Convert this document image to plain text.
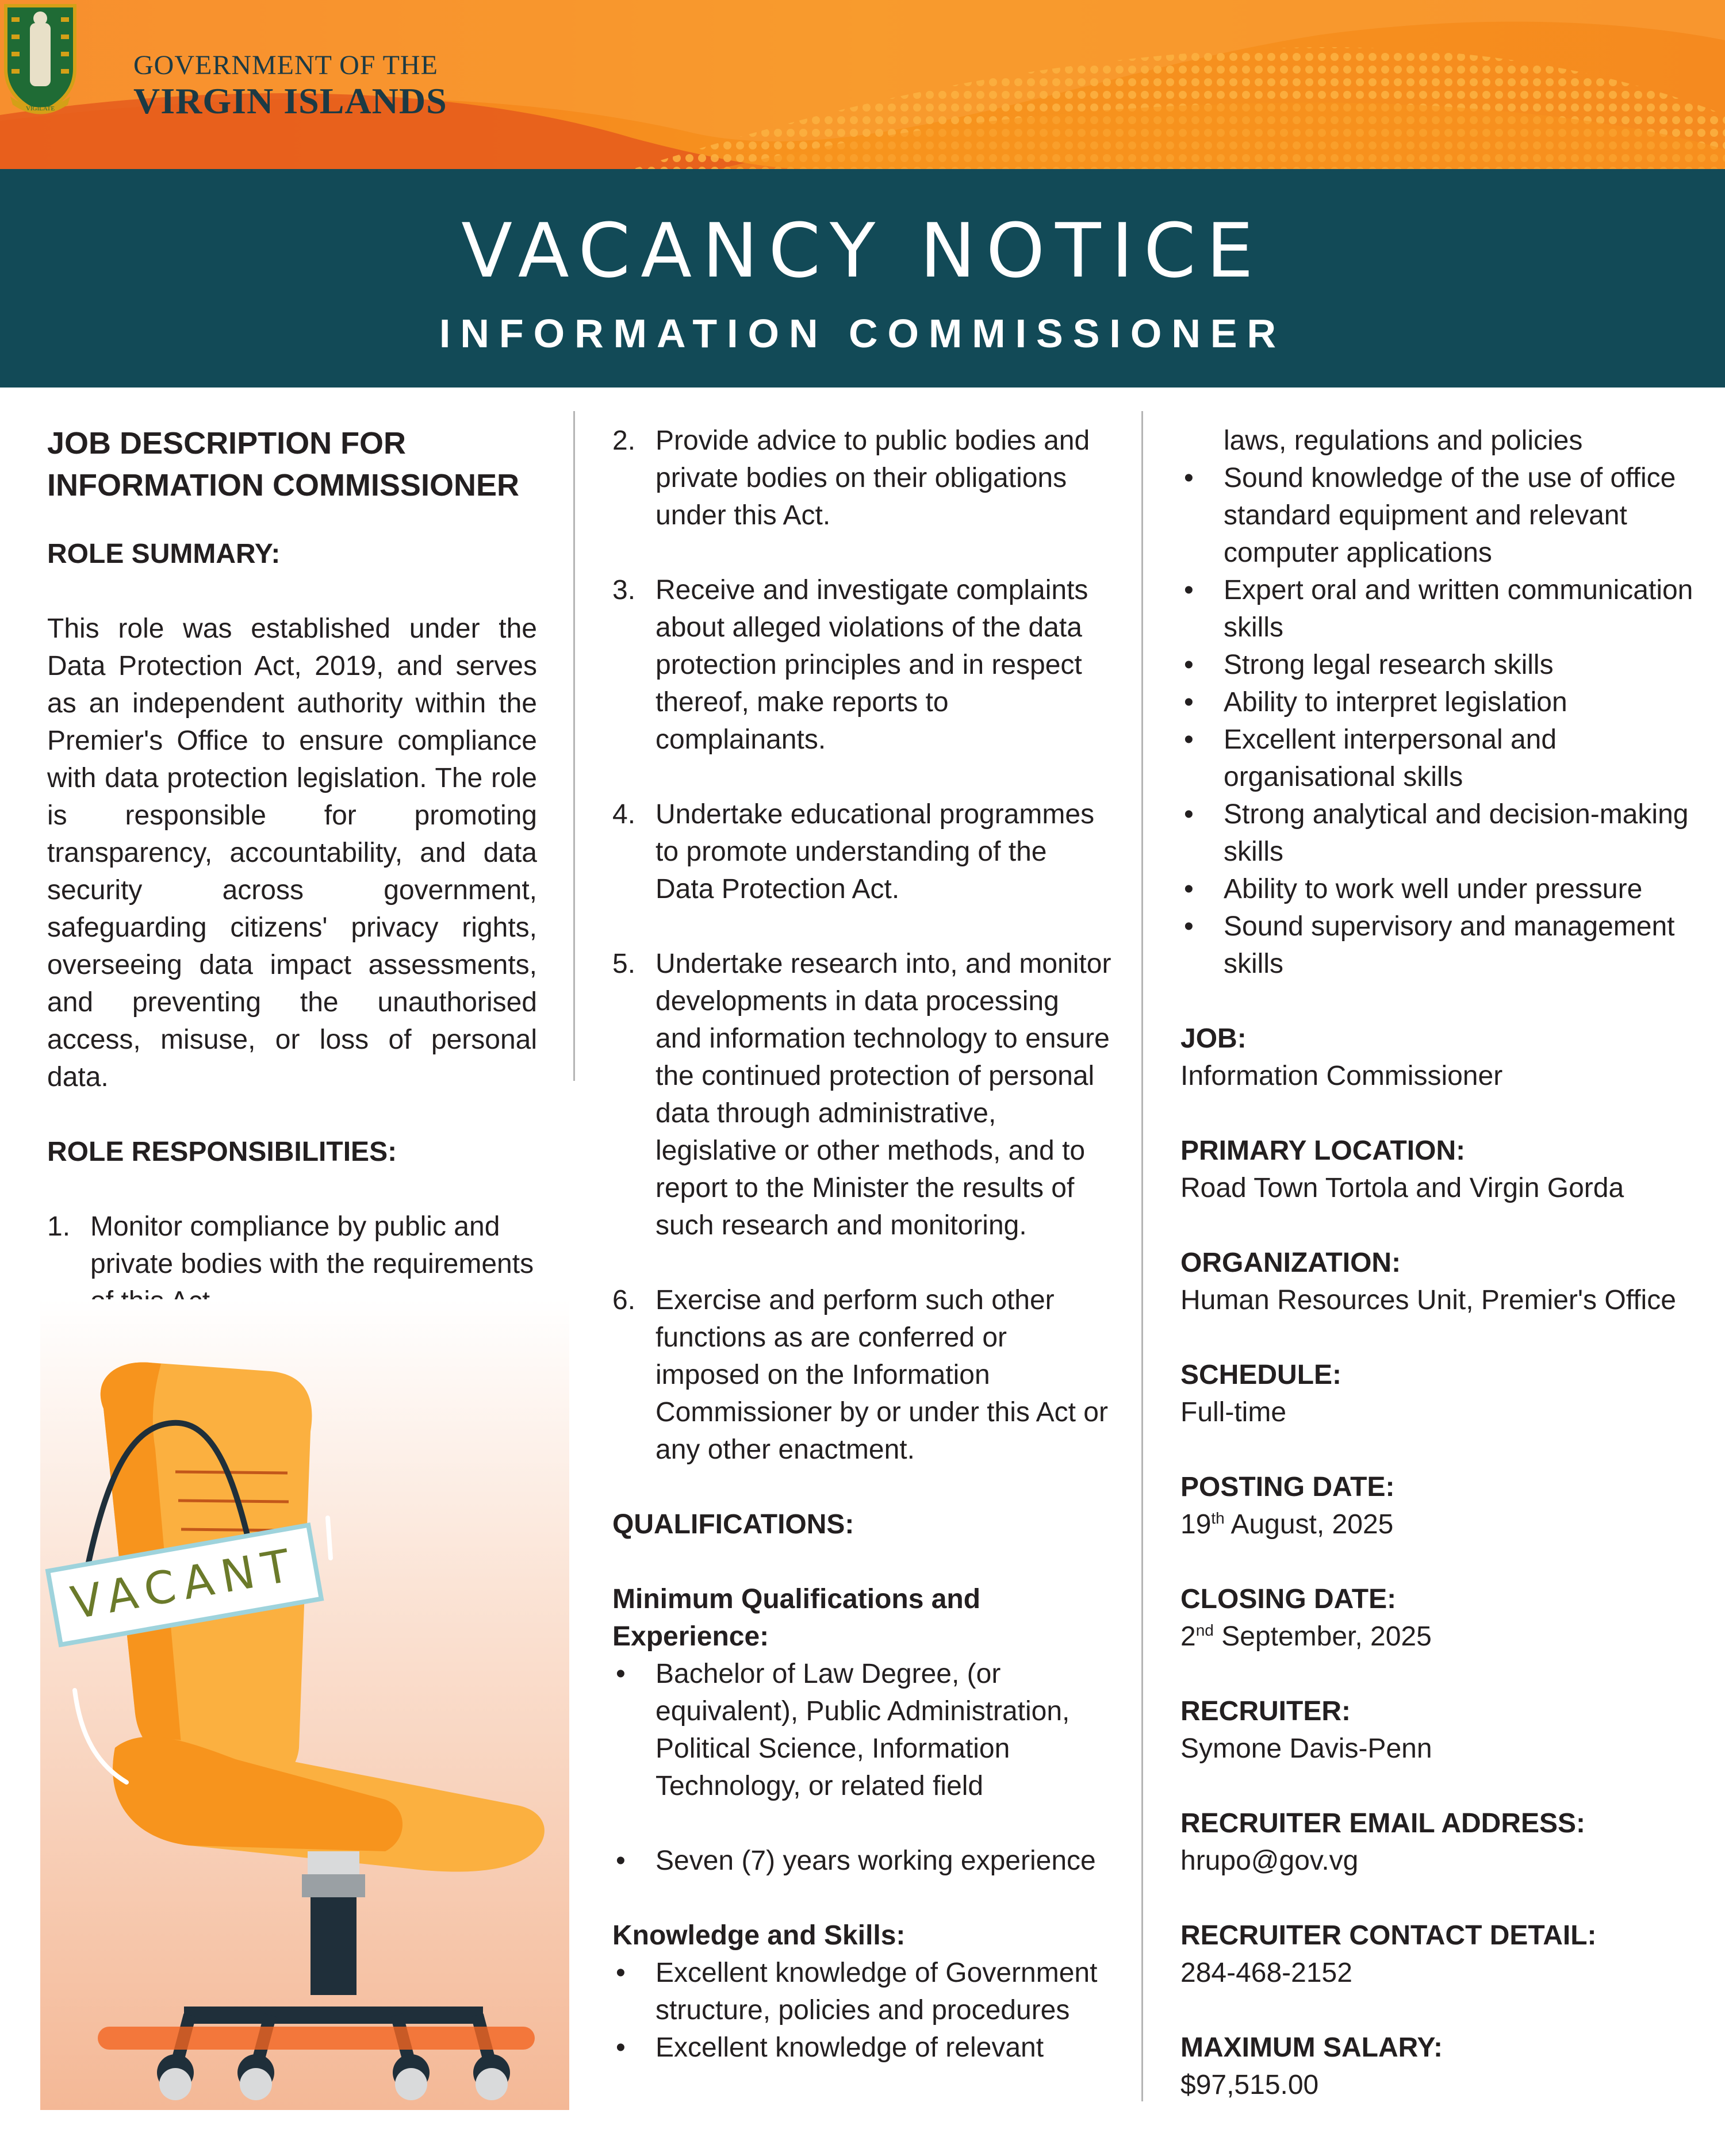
VIGILATE
GOVERNMENT OF THE
VIRGIN ISLANDS
VACANCY NOTICE
INFORMATION COMMISSIONER

JOB DESCRIPTION FOR

INFORMATION COMMISSIONER

ROLE SUMMARY:

This role was established under the Data Protection Act, 2019, and serves as an independent authority within the Premier's Office to ensure compliance with data protection legislation. The role is responsible for promoting transparency, accountability, and data security across government, safeguarding citizens' privacy rights, overseeing data impact assessments, and preventing the unauthorised access, misuse, or loss of personal data.

ROLE RESPONSIBILITIES:

1. Monitor compliance by public and private bodies with the requirements
VACANT
2. Provide advice to public bodies and private bodies on their obligations under this Act.
3. Receive and investigate complaints about alleged violations of the data protection principles and in respect thereof, make reports to complainants.
4. Undertake educational programmes to promote understanding of the Data Protection Act.
5. Undertake research into, and monitor developments in data processing and information technology to ensure the continued protection of personal data through administrative, legislative or other methods, and to report to the Minister the results of such research and monitoring.
6. Exercise and perform such other functions as are conferred or imposed on the Information Commissioner by or under this Act or any other enactment.

QUALIFICATIONS:

Minimum Qualifications and Experience:

• Bachelor of Law Degree, (or equivalent), Public Administration, Political Science, Information Technology, or related field
• Seven (7) years working experience

Knowledge and Skills:

• Excellent knowledge of Government structure, policies and procedures
• Excellent knowledge of relevant
laws, regulations and policies
• Sound knowledge of the use of office standard equipment and relevant computer applications
• Expert oral and written communication skills
• Strong legal research skills
• Ability to interpret legislation
• Excellent interpersonal and organisational skills
• Strong analytical and decision-making skills
• Ability to work well under pressure
• Sound supervisory and management skills

JOB:

Information Commissioner

PRIMARY LOCATION:

Road Town Tortola and Virgin Gorda

ORGANIZATION:

Human Resources Unit, Premier's Office

SCHEDULE:

Full-time

POSTING DATE:

19th August, 2025

CLOSING DATE:

2nd September, 2025

RECRUITER:

Symone Davis-Penn

RECRUITER EMAIL ADDRESS:

hrupo@gov.vg

RECRUITER CONTACT DETAIL:

284-468-2152

MAXIMUM SALARY:

$97,515.00
